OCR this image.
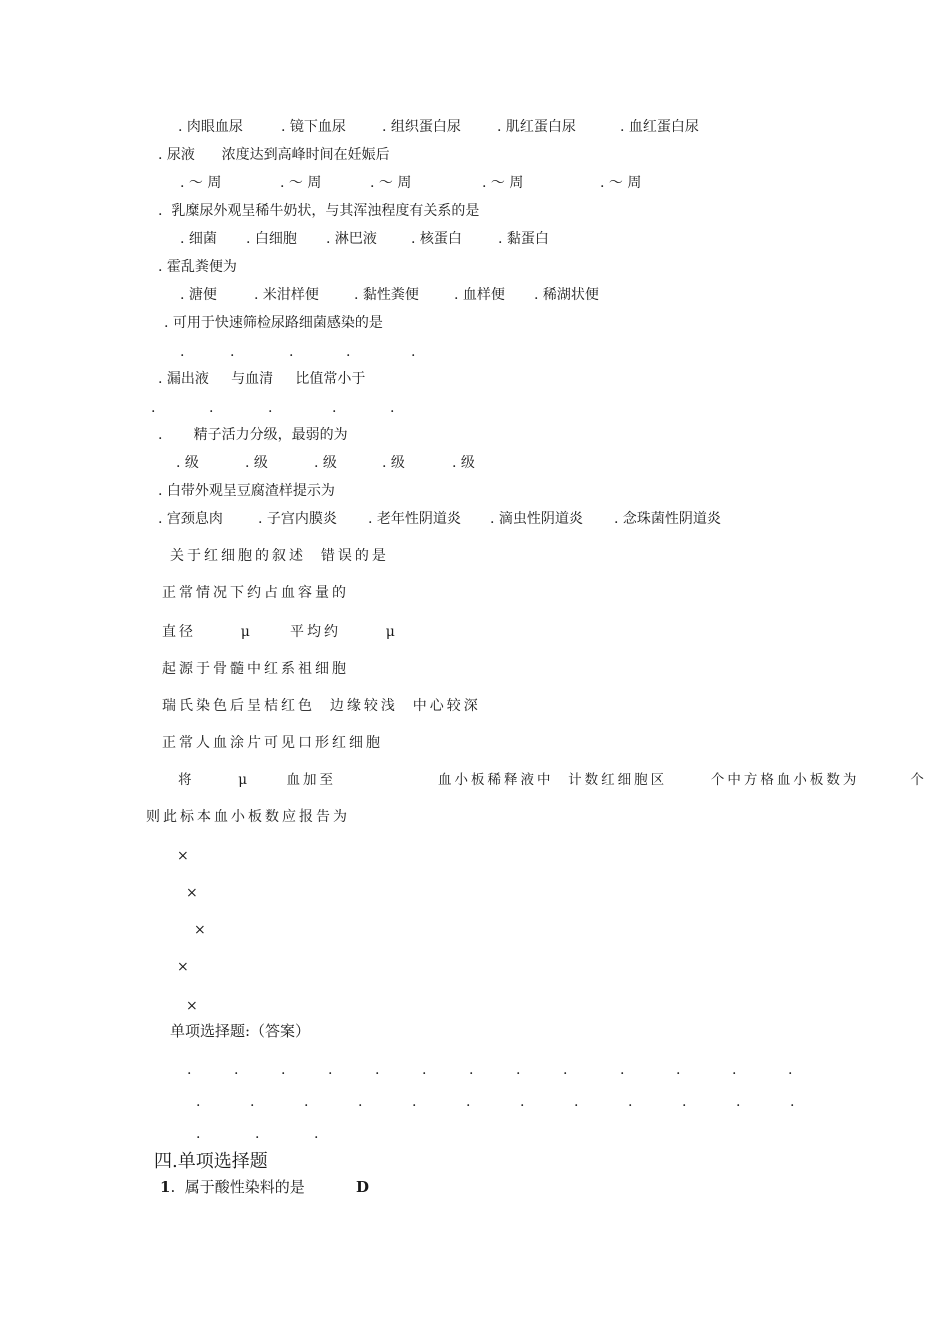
. 肉眼血尿	. 镜下血尿	. 组织蛋白尿	. 肌红蛋白尿	. 血红蛋白尿
. 尿液      浓度达到高峰时间在妊娠后
. ～ 周	. ～ 周	. ～ 周	. ～ 周	. ～ 周
.  乳糜尿外观呈稀牛奶状，与其浑浊程度有关系的是
. 细菌 . 白细胞 . 淋巴液 . 核蛋白	. 黏蛋白
. 霍乱粪便为
. 溏便	. 米泔样便	. 黏性粪便	. 血样便 . 稀湖状便
. 可用于快速筛检尿路细菌感染的是
.	.	.	.	.
. 漏出液     与血清     比值常小于
.	.	.	.	.
.       精子活力分级，最弱的为
. 级	. 级	. 级	. 级	. 级
. 白带外观呈豆腐渣样提示为
. 宫颈息肉	. 子宫内膜炎 . 老年性阴道炎 . 滴虫性阴道炎 . 念珠菌性阴道炎
关于红细胞的叙述  错误的是
正常情况下约占血容量的
直径      μ     平均约      μ
起源于骨髓中红系祖细胞
瑞氏染色后呈桔红色  边缘较浅  中心较深
正常人血涂片可见口形红细胞
将      μ     血加至              血小板稀释液中  计数红细胞区      个中方格血小板数为       个
则此标本血小板数应报告为
×
×
×
×
×
单项选择题:（答案）
.	.	.	.	.	.	.	.	.	.	.	.	.
.	.	.	.	.	.	.	.	.	.	.	.
.	.	.
四.单项选择题
1.  属于酸性染料的是	D
